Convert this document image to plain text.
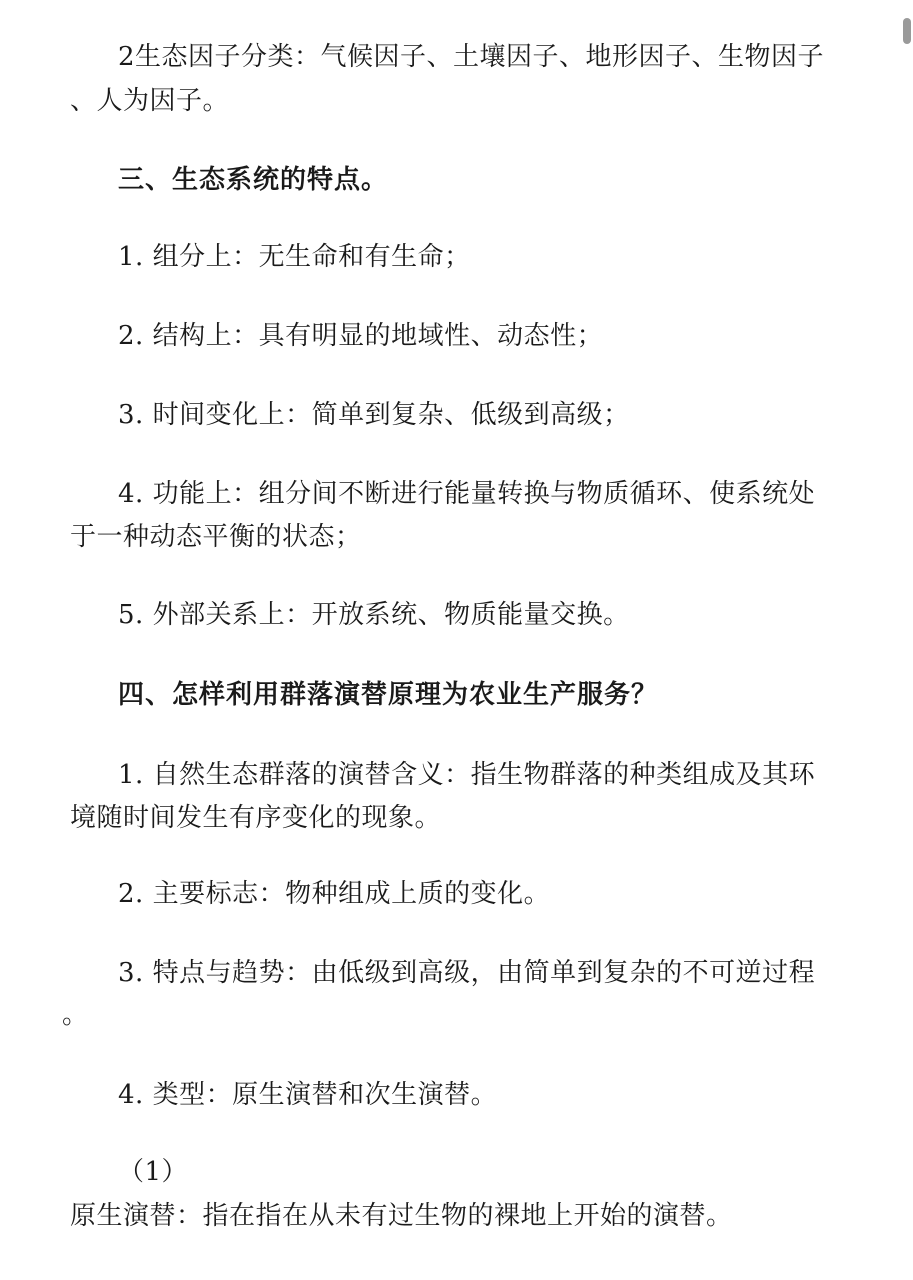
2生态因子分类：气候因子、土壤因子、地形因子、生物因子
、人为因子。
三、生态系统的特点。
1. 组分上：无生命和有生命；
2. 结构上：具有明显的地域性、动态性；
3. 时间变化上：简单到复杂、低级到高级；
4. 功能上：组分间不断进行能量转换与物质循环、使系统处
于一种动态平衡的状态；
5. 外部关系上：开放系统、物质能量交换。
四、怎样利用群落演替原理为农业生产服务？
1. 自然生态群落的演替含义：指生物群落的种类组成及其环
境随时间发生有序变化的现象。
2. 主要标志：物种组成上质的变化。
3. 特点与趋势：由低级到高级，由简单到复杂的不可逆过程
。
4. 类型：原生演替和次生演替。
（1）
原生演替：指在指在从未有过生物的裸地上开始的演替。
